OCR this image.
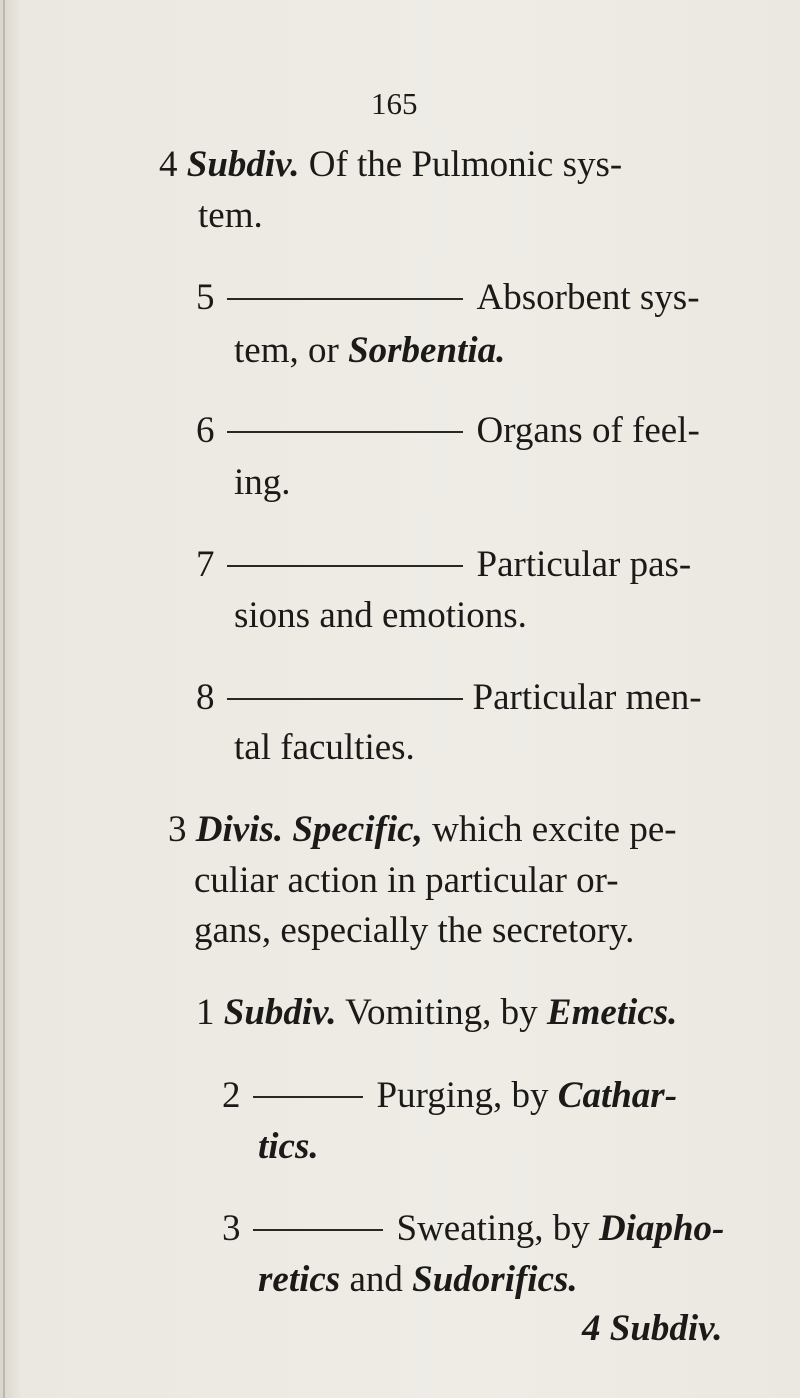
165
4 Subdiv. Of the Pulmonic sys-
tem.
5	Absorbent sys-
tem, or Sorbentia.
6	Organs of feel-
ing.
7	Particular pas-
sions and emotions.
8	Particular men-
tal faculties.
3 Divis. Specific, which excite pe-
culiar action in particular or-
gans, especially the secretory.
1 Subdiv. Vomiting, by Emetics.
2	Purging, by Cathar-
tics.
3	Sweating, by Diapho-
retics and Sudorifics.
4 Subdiv.
